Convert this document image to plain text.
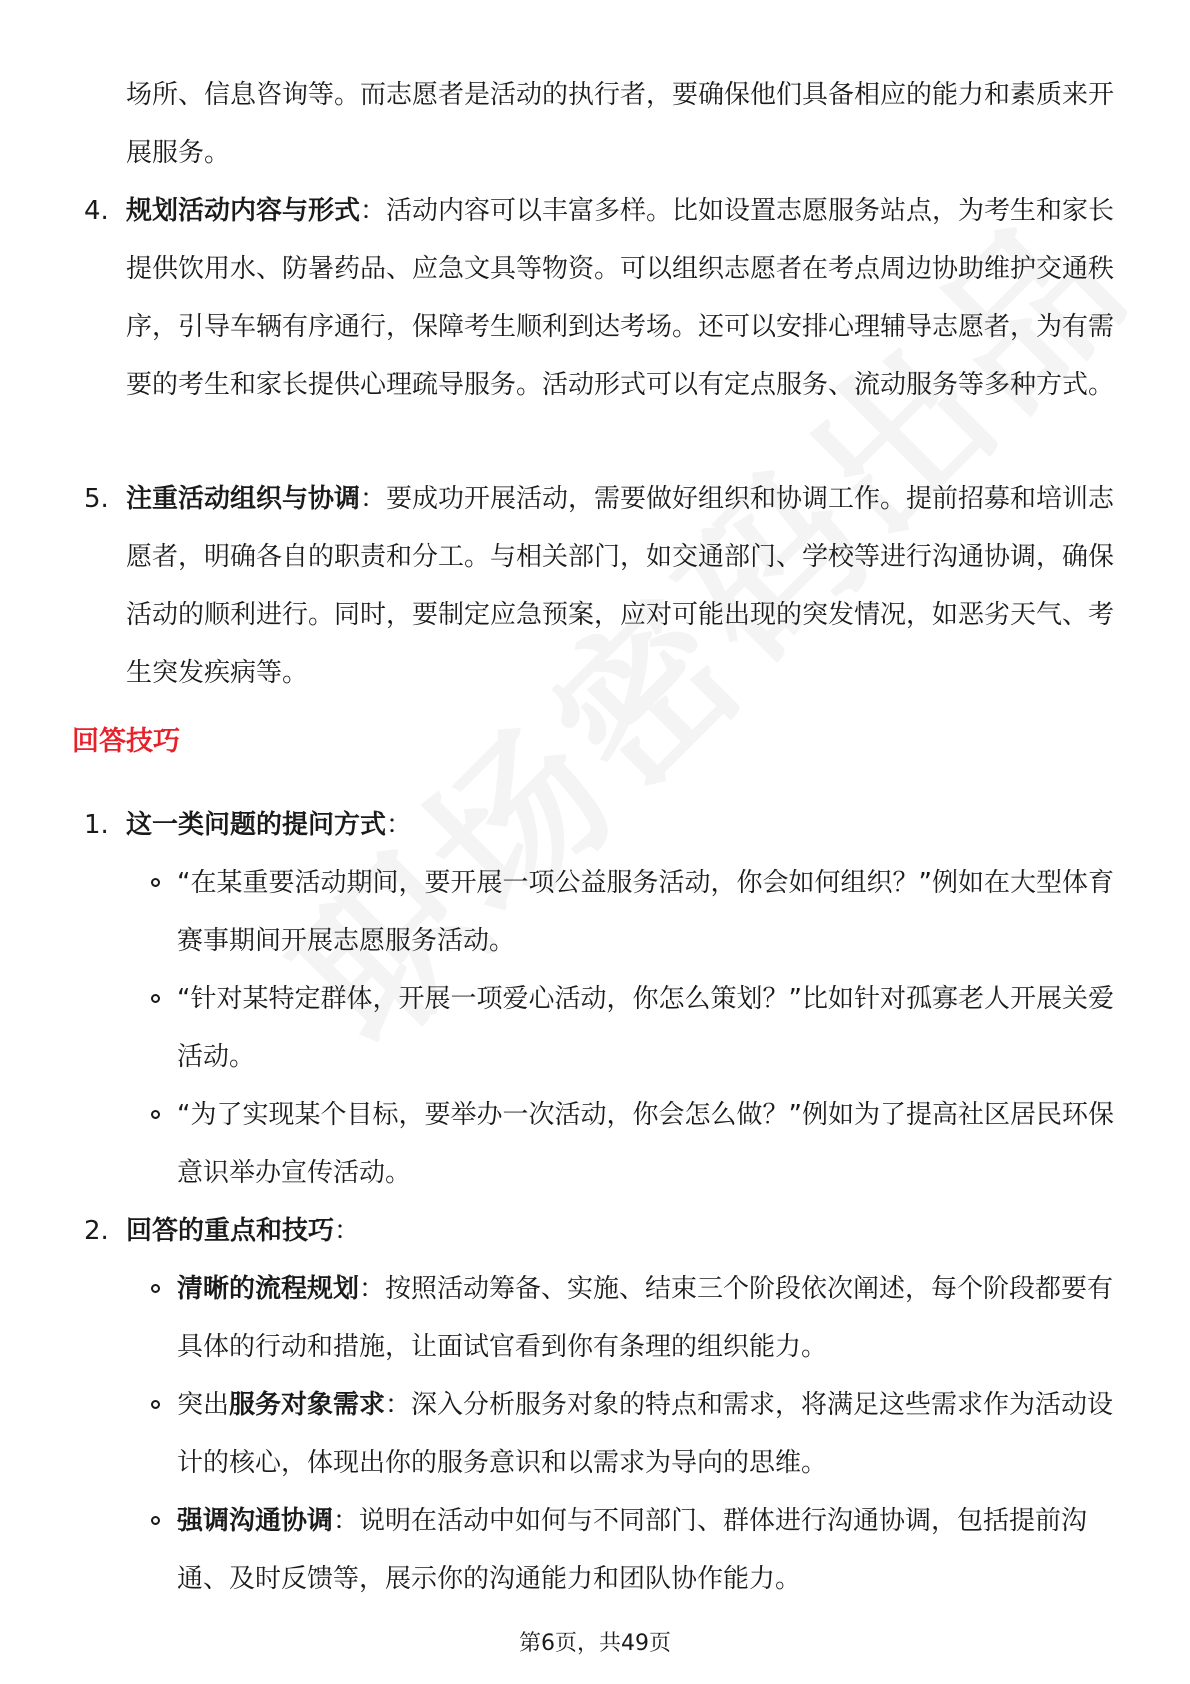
场所、信息咨询等。而志愿者是活动的执行者，要确保他们具备相应的能力和素质来开展服务。

4. 规划活动内容与形式：活动内容可以丰富多样。比如设置志愿服务站点，为考生和家长提供饮用水、防暑药品、应急文具等物资。可以组织志愿者在考点周边协助维护交通秩序，引导车辆有序通行，保障考生顺利到达考场。还可以安排心理辅导志愿者，为有需要的考生和家长提供心理疏导服务。活动形式可以有定点服务、流动服务等多种方式。
5. 注重活动组织与协调：要成功开展活动，需要做好组织和协调工作。提前招募和培训志愿者，明确各自的职责和分工。与相关部门，如交通部门、学校等进行沟通协调，确保活动的顺利进行。同时，要制定应急预案，应对可能出现的突发情况，如恶劣天气、考生突发疾病等。
回答技巧
1. 这一类问题的提问方式：
“在某重要活动期间，要开展一项公益服务活动，你会如何组织？”例如在大型体育赛事期间开展志愿服务活动。
“针对某特定群体，开展一项爱心活动，你怎么策划？”比如针对孤寡老人开展关爱活动。
“为了实现某个目标，要举办一次活动，你会怎么做？”例如为了提高社区居民环保意识举办宣传活动。
2. 回答的重点和技巧：
清晰的流程规划：按照活动筹备、实施、结束三个阶段依次阐述，每个阶段都要有具体的行动和措施，让面试官看到你有条理的组织能力。
突出服务对象需求：深入分析服务对象的特点和需求，将满足这些需求作为活动设计的核心，体现出你的服务意识和以需求为导向的思维。
强调沟通协调：说明在活动中如何与不同部门、群体进行沟通协调，包括提前沟通、及时反馈等，展示你的沟通能力和团队协作能力。
第6页，共49页
